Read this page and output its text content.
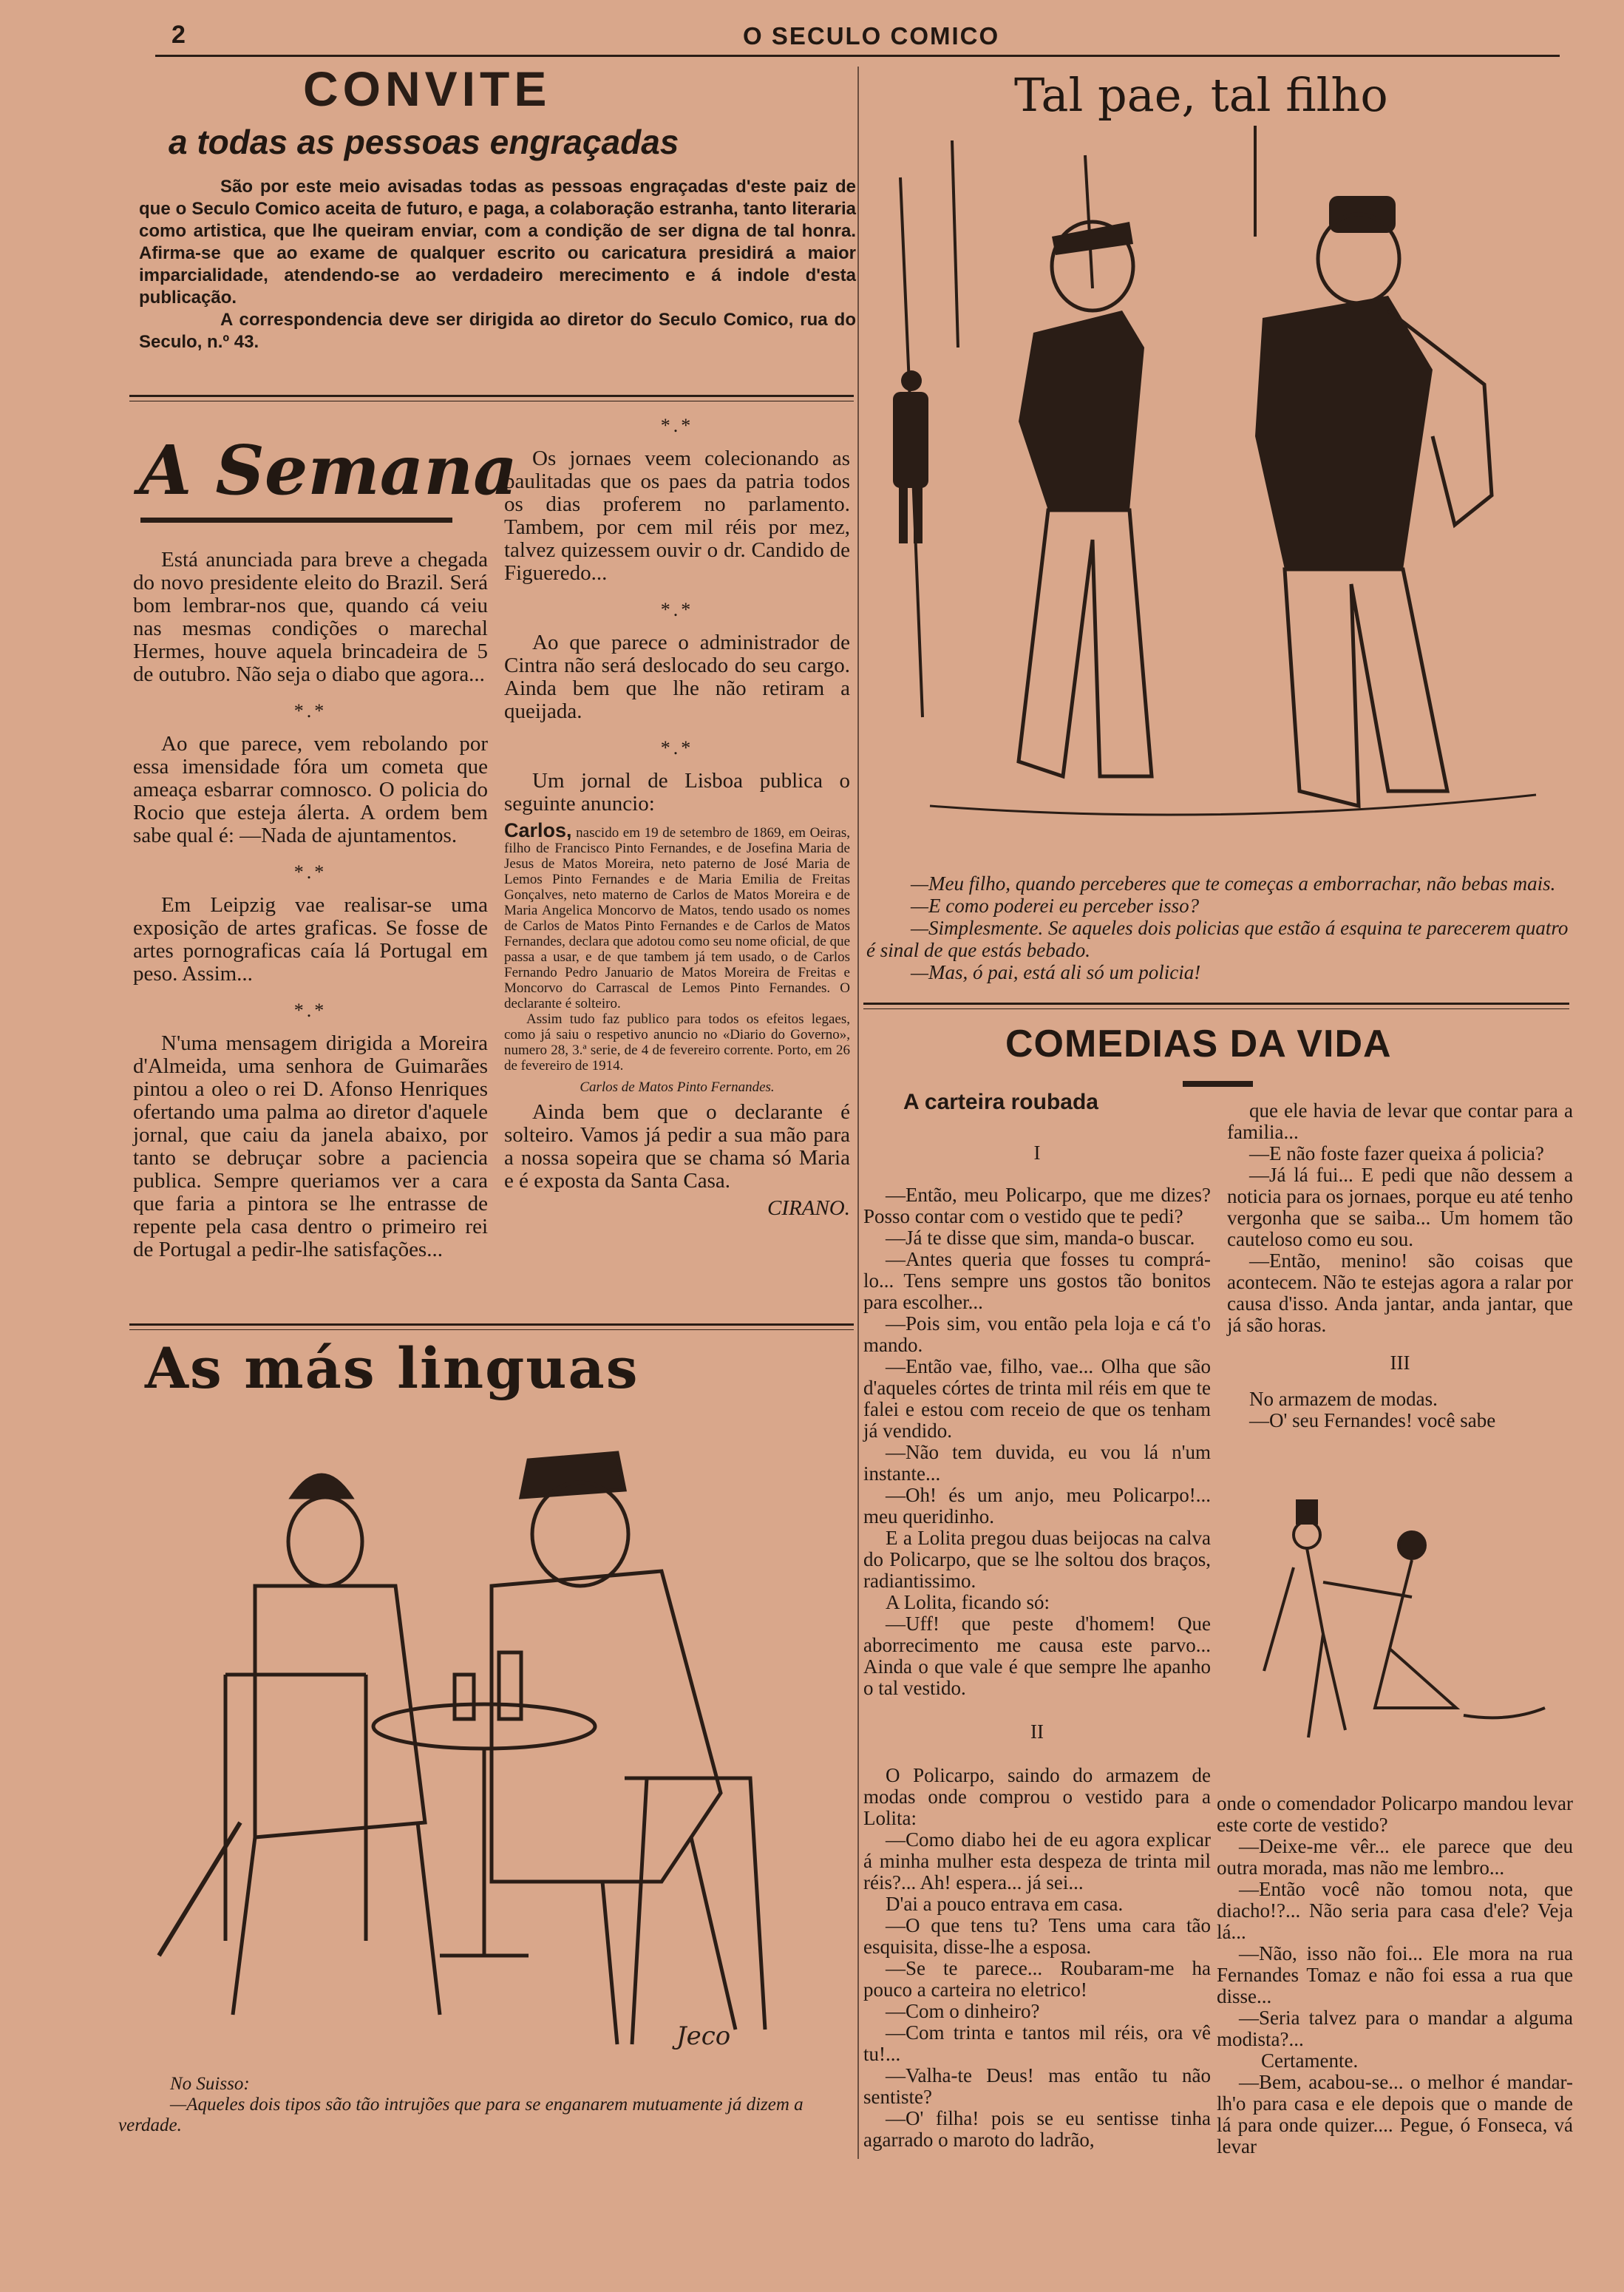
2	O SECULO COMICO
CONVITE
a todas as pessoas engraçadas

São por este meio avisadas todas as pessoas engraçadas d'este paiz de que o Seculo Comico aceita de futuro, e paga, a colaboração estranha, tanto literaria como artistica, que lhe queiram enviar, com a condição de ser digna de tal honra. Afirma-se que ao exame de qualquer escrito ou caricatura presidirá a maior imparcialidade, atendendo-se ao verdadeiro merecimento e á indole d'esta publicação.

A correspondencia deve ser dirigida ao diretor do Seculo Comico, rua do Seculo, n.º 43.

A Semana

Está anunciada para breve a chegada do novo presidente eleito do Brazil. Será bom lembrar-nos que, quando cá veiu nas mesmas condições o marechal Hermes, houve aquela brincadeira de 5 de outubro. Não seja o diabo que agora...

*.*

Ao que parece, vem rebolando por essa imensidade fóra um cometa que ameaça esbarrar comnosco. O policia do Rocio que esteja álerta. A ordem bem sabe qual é: —Nada de ajuntamentos.

*.*

Em Leipzig vae realisar-se uma exposição de artes graficas. Se fosse de artes pornograficas caía lá Portugal em peso. Assim...

*.*

N'uma mensagem dirigida a Moreira d'Almeida, uma senhora de Guimarães pintou a oleo o rei D. Afonso Henriques ofertando uma palma ao diretor d'aquele jornal, que caiu da janela abaixo, por tanto se debruçar sobre a paciencia publica. Sempre queriamos ver a cara que faria a pintora se lhe entrasse de repente pela casa dentro o primeiro rei de Portugal a pedir-lhe satisfações...

*.*

Os jornaes veem colecionando as paulitadas que os paes da patria todos os dias proferem no parlamento. Tambem, por cem mil réis por mez, talvez quizessem ouvir o dr. Candido de Figueredo...

*.*

Ao que parece o administrador de Cintra não será deslocado do seu cargo. Ainda bem que lhe não retiram a queijada.

*.*

Um jornal de Lisboa publica o seguinte anuncio:

Carlos, nascido em 19 de setembro de 1869, em Oeiras, filho de Francisco Pinto Fernandes, e de Josefina Maria de Jesus de Matos Moreira, neto paterno de José Maria de Lemos Pinto Fernandes e de Maria Emilia de Freitas Gonçalves, neto materno de Carlos de Matos Moreira e de Maria Angelica Moncorvo de Matos, tendo usado os nomes de Carlos de Matos Pinto Fernandes e de Carlos de Matos Fernandes, declara que adotou como seu nome oficial, de que passa a usar, e de que tambem já tem usado, o de Carlos Fernando Pedro Januario de Matos Moreira de Freitas e Moncorvo do Carrascal de Lemos Pinto Fernandes. O declarante é solteiro.
Assim tudo faz publico para todos os efeitos legaes, como já saiu o respetivo anuncio no «Diario do Governo», numero 28, 3.ª serie, de 4 de fevereiro corrente. Porto, em 26 de fevereiro de 1914.
Carlos de Matos Pinto Fernandes.

Ainda bem que o declarante é solteiro. Vamos já pedir a sua mão para a nossa sopeira que se chama só Maria e é exposta da Santa Casa.

CIRANO.
Tal pae, tal filho
—Meu filho, quando perceberes que te começas a emborrachar, não bebas mais.
—E como poderei eu perceber isso?
—Simplesmente. Se aqueles dois policias que estão á esquina te parecerem quatro é sinal de que estás bebado.
—Mas, ó pai, está ali só um policia!
As más linguas
Jeco
No Suisso:
—Aqueles dois tipos são tão intrujões que para se enganarem mutuamente já dizem a verdade.
COMEDIAS DA VIDA
A carteira roubada
I

—Então, meu Policarpo, que me dizes? Posso contar com o vestido que te pedi?

—Já te disse que sim, manda-o buscar.

—Antes queria que fosses tu comprá-lo... Tens sempre uns gostos tão bonitos para escolher...

—Pois sim, vou então pela loja e cá t'o mando.

—Então vae, filho, vae... Olha que são d'aqueles córtes de trinta mil réis em que te falei e estou com receio de que os tenham já vendido.

—Não tem duvida, eu vou lá n'um instante...

—Oh! és um anjo, meu Policarpo!... meu queridinho.

E a Lolita pregou duas beijocas na calva do Policarpo, que se lhe soltou dos braços, radiantissimo.

A Lolita, ficando só:

—Uff! que peste d'homem! Que aborrecimento me causa este parvo... Ainda o que vale é que sempre lhe apanho o tal vestido.

II

O Policarpo, saindo do armazem de modas onde comprou o vestido para a Lolita:

—Como diabo hei de eu agora explicar á minha mulher esta despeza de trinta mil réis?... Ah! espera... já sei...

D'ai a pouco entrava em casa.

—O que tens tu? Tens uma cara tão esquisita, disse-lhe a esposa.

—Se te parece... Roubaram-me ha pouco a carteira no eletrico!

—Com o dinheiro?

—Com trinta e tantos mil réis, ora vê tu!...

—Valha-te Deus! mas então tu não sentiste?

—O' filha! pois se eu sentisse tinha agarrado o maroto do ladrão,

que ele havia de levar que contar para a familia...

—E não foste fazer queixa á policia?

—Já lá fui... E pedi que não dessem a noticia para os jornaes, porque eu até tenho vergonha que se saiba... Um homem tão cauteloso como eu sou.

—Então, menino! são coisas que acontecem. Não te estejas agora a ralar por causa d'isso. Anda jantar, anda jantar, que já são horas.

III

No armazem de modas.

—O' seu Fernandes! você sabe

onde o comendador Policarpo mandou levar este corte de vestido?

—Deixe-me vêr... ele parece que deu outra morada, mas não me lembro...

—Então você não tomou nota, que diacho!?... Não seria para casa d'ele? Veja lá...

—Não, isso não foi... Ele mora na rua Fernandes Tomaz e não foi essa a rua que disse...

—Seria talvez para o mandar a alguma modista?...

Certamente.

—Bem, acabou-se... o melhor é mandar-lh'o para casa e ele depois que o mande de lá para onde quizer.... Pegue, ó Fonseca, vá levar
